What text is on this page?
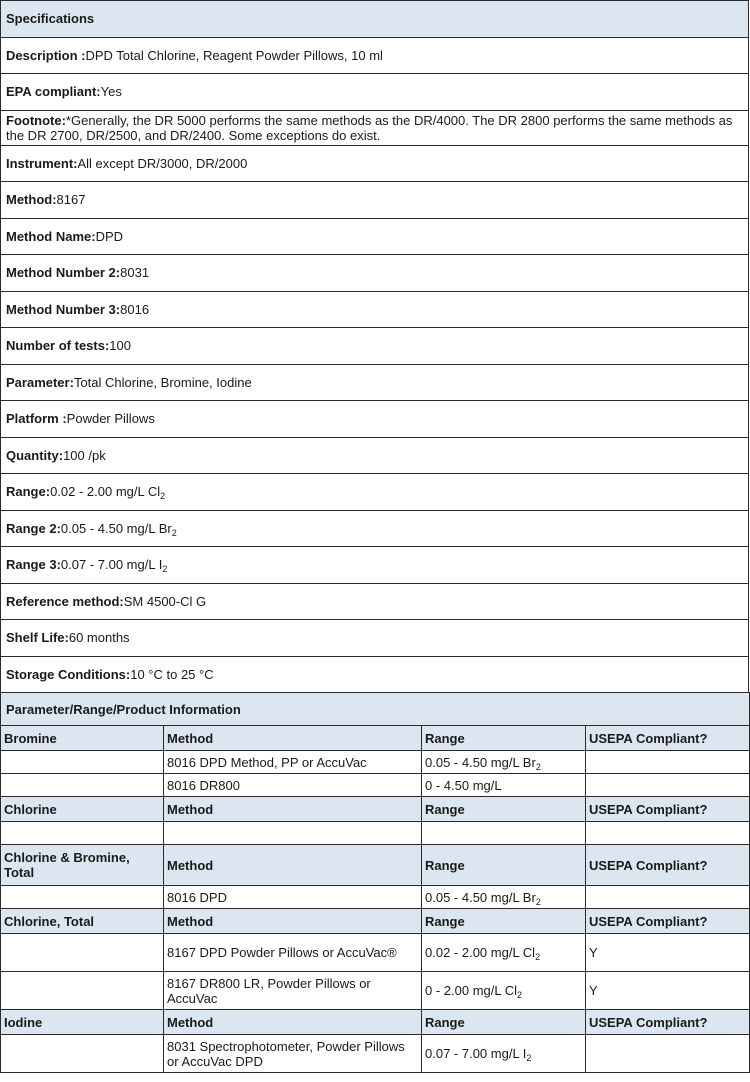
Specifications
Description :DPD Total Chlorine, Reagent Powder Pillows, 10 ml
EPA compliant:Yes
Footnote:*Generally, the DR 5000 performs the same methods as the DR/4000. The DR 2800 performs the same methods as the DR 2700, DR/2500, and DR/2400. Some exceptions do exist.
Instrument:All except DR/3000, DR/2000
Method:8167
Method Name:DPD
Method Number 2:8031
Method Number 3:8016
Number of tests:100
Parameter:Total Chlorine, Bromine, Iodine
Platform :Powder Pillows
Quantity:100 /pk
Range:0.02 - 2.00 mg/L $Cl_2$
Range 2:0.05 - 4.50 mg/L $Br_2$
Range 3:0.07 - 7.00 mg/L $I_2$
Reference method:SM 4500-Cl G
Shelf Life:60 months
Storage Conditions:10 °C to 25 °C
Parameter/Range/Product Information			
Bromine	Method	Range	USEPA Compliant?
	8016 DPD Method, PP or AccuVac	0.05 - 4.50 mg/L $Br_2$	
	8016 DR800	0 - 4.50 mg/L	
Chlorine	Method	Range	USEPA Compliant?

Chlorine & Bromine, Total	Method	Range	USEPA Compliant?
	8016 DPD	0.05 - 4.50 mg/L $Br_2$	
Chlorine, Total	Method	Range	USEPA Compliant?
	8167 DPD Powder Pillows or AccuVac®	0.02 - 2.00 mg/L $Cl_2$	Y
	8167 DR800 LR, Powder Pillows or AccuVac	0 - 2.00 mg/L $Cl_2$	Y
Iodine	Method	Range	USEPA Compliant?
	8031 Spectrophotometer, Powder Pillows or AccuVac DPD	0.07 - 7.00 mg/L $I_2$	
